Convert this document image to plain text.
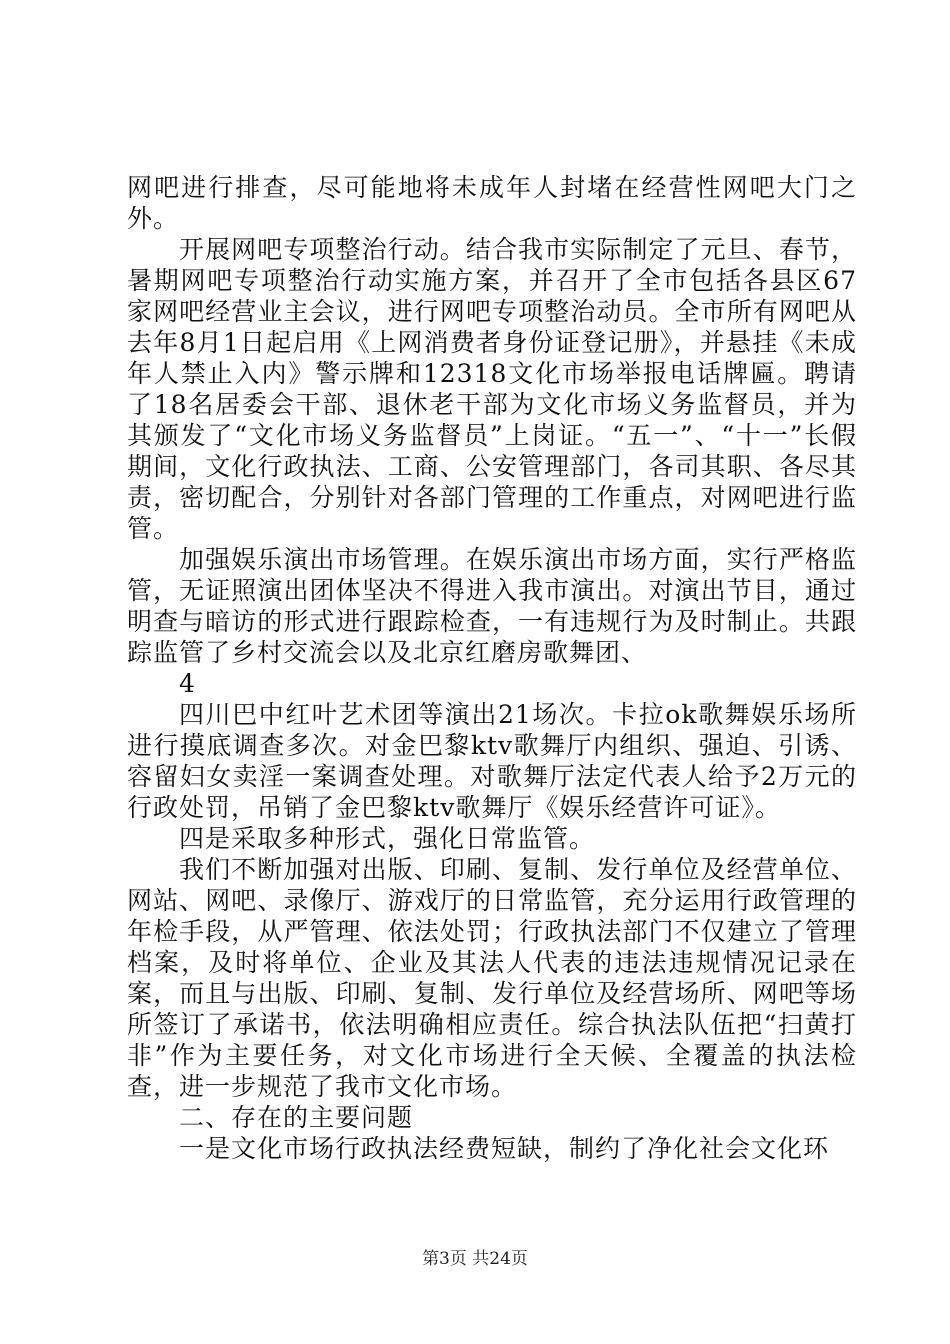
网吧进行排查，尽可能地将未成年人封堵在经营性网吧大门之外。

开展网吧专项整治行动。结合我市实际制定了元旦、春节，暑期网吧专项整治行动实施方案，并召开了全市包括各县区67家网吧经营业主会议，进行网吧专项整治动员。全市所有网吧从去年8月1日起启用《上网消费者身份证登记册》，并悬挂《未成年人禁止入内》警示牌和12318文化市场举报电话牌匾。聘请了18名居委会干部、退休老干部为文化市场义务监督员，并为其颁发了“文化市场义务监督员”上岗证。“五一”、“十一”长假期间，文化行政执法、工商、公安管理部门，各司其职、各尽其责，密切配合，分别针对各部门管理的工作重点，对网吧进行监管。

加强娱乐演出市场管理。在娱乐演出市场方面，实行严格监管，无证照演出团体坚决不得进入我市演出。对演出节目，通过明查与暗访的形式进行跟踪检查，一有违规行为及时制止。共跟踪监管了乡村交流会以及北京红磨房歌舞团、

4

四川巴中红叶艺术团等演出21场次。卡拉ok歌舞娱乐场所进行摸底调查多次。对金巴黎ktv歌舞厅内组织、强迫、引诱、容留妇女卖淫一案调查处理。对歌舞厅法定代表人给予2万元的行政处罚，吊销了金巴黎ktv歌舞厅《娱乐经营许可证》。

四是采取多种形式，强化日常监管。

我们不断加强对出版、印刷、复制、发行单位及经营单位、网站、网吧、录像厅、游戏厅的日常监管，充分运用行政管理的年检手段，从严管理、依法处罚；行政执法部门不仅建立了管理档案，及时将单位、企业及其法人代表的违法违规情况记录在案，而且与出版、印刷、复制、发行单位及经营场所、网吧等场所签订了承诺书，依法明确相应责任。综合执法队伍把“扫黄打非”作为主要任务，对文化市场进行全天候、全覆盖的执法检查，进一步规范了我市文化市场。

二、存在的主要问题

一是文化市场行政执法经费短缺，制约了净化社会文化环

第3页 共24页
